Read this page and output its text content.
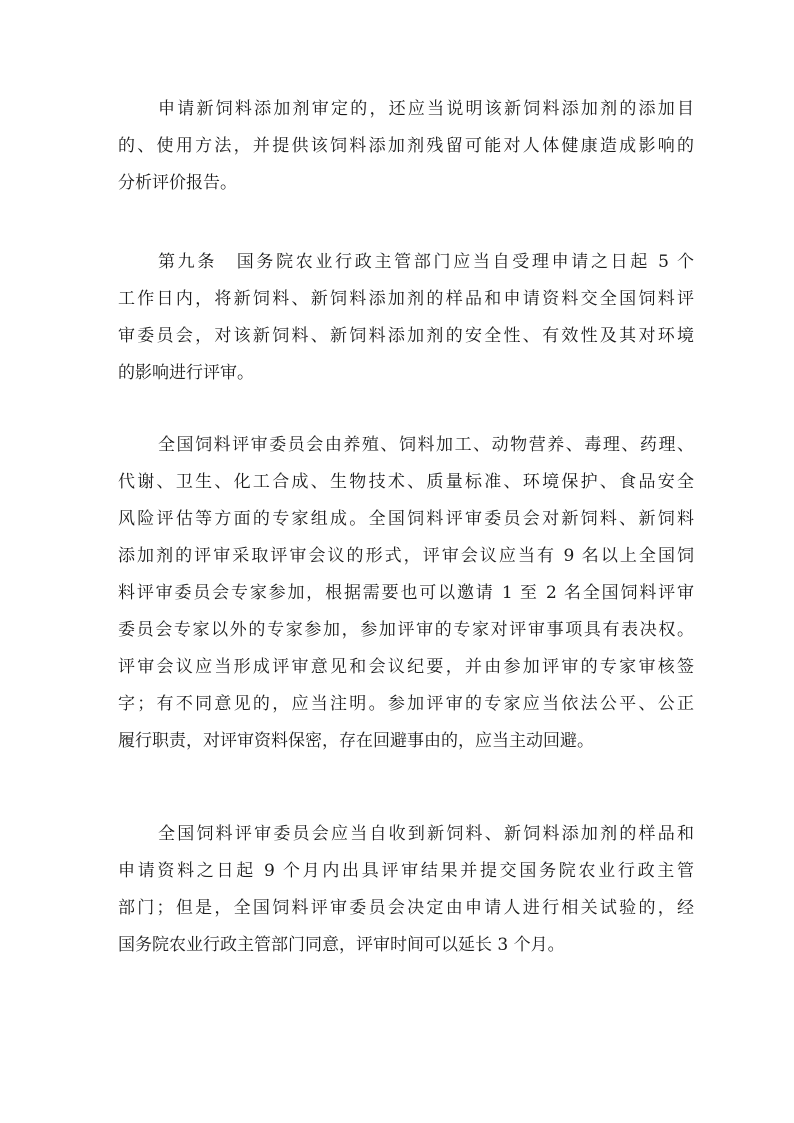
申请新饲料添加剂审定的，还应当说明该新饲料添加剂的添加目
的、使用方法，并提供该饲料添加剂残留可能对人体健康造成影响的
分析评价报告。
第九条　国务院农业行政主管部门应当自受理申请之日起 5 个
工作日内，将新饲料、新饲料添加剂的样品和申请资料交全国饲料评
审委员会，对该新饲料、新饲料添加剂的安全性、有效性及其对环境
的影响进行评审。
全国饲料评审委员会由养殖、饲料加工、动物营养、毒理、药理、
代谢、卫生、化工合成、生物技术、质量标准、环境保护、食品安全
风险评估等方面的专家组成。全国饲料评审委员会对新饲料、新饲料
添加剂的评审采取评审会议的形式，评审会议应当有 9 名以上全国饲
料评审委员会专家参加，根据需要也可以邀请 1 至 2 名全国饲料评审
委员会专家以外的专家参加，参加评审的专家对评审事项具有表决权。
评审会议应当形成评审意见和会议纪要，并由参加评审的专家审核签
字；有不同意见的，应当注明。参加评审的专家应当依法公平、公正
履行职责，对评审资料保密，存在回避事由的，应当主动回避。
全国饲料评审委员会应当自收到新饲料、新饲料添加剂的样品和
申请资料之日起 9 个月内出具评审结果并提交国务院农业行政主管
部门；但是，全国饲料评审委员会决定由申请人进行相关试验的，经
国务院农业行政主管部门同意，评审时间可以延长 3 个月。
